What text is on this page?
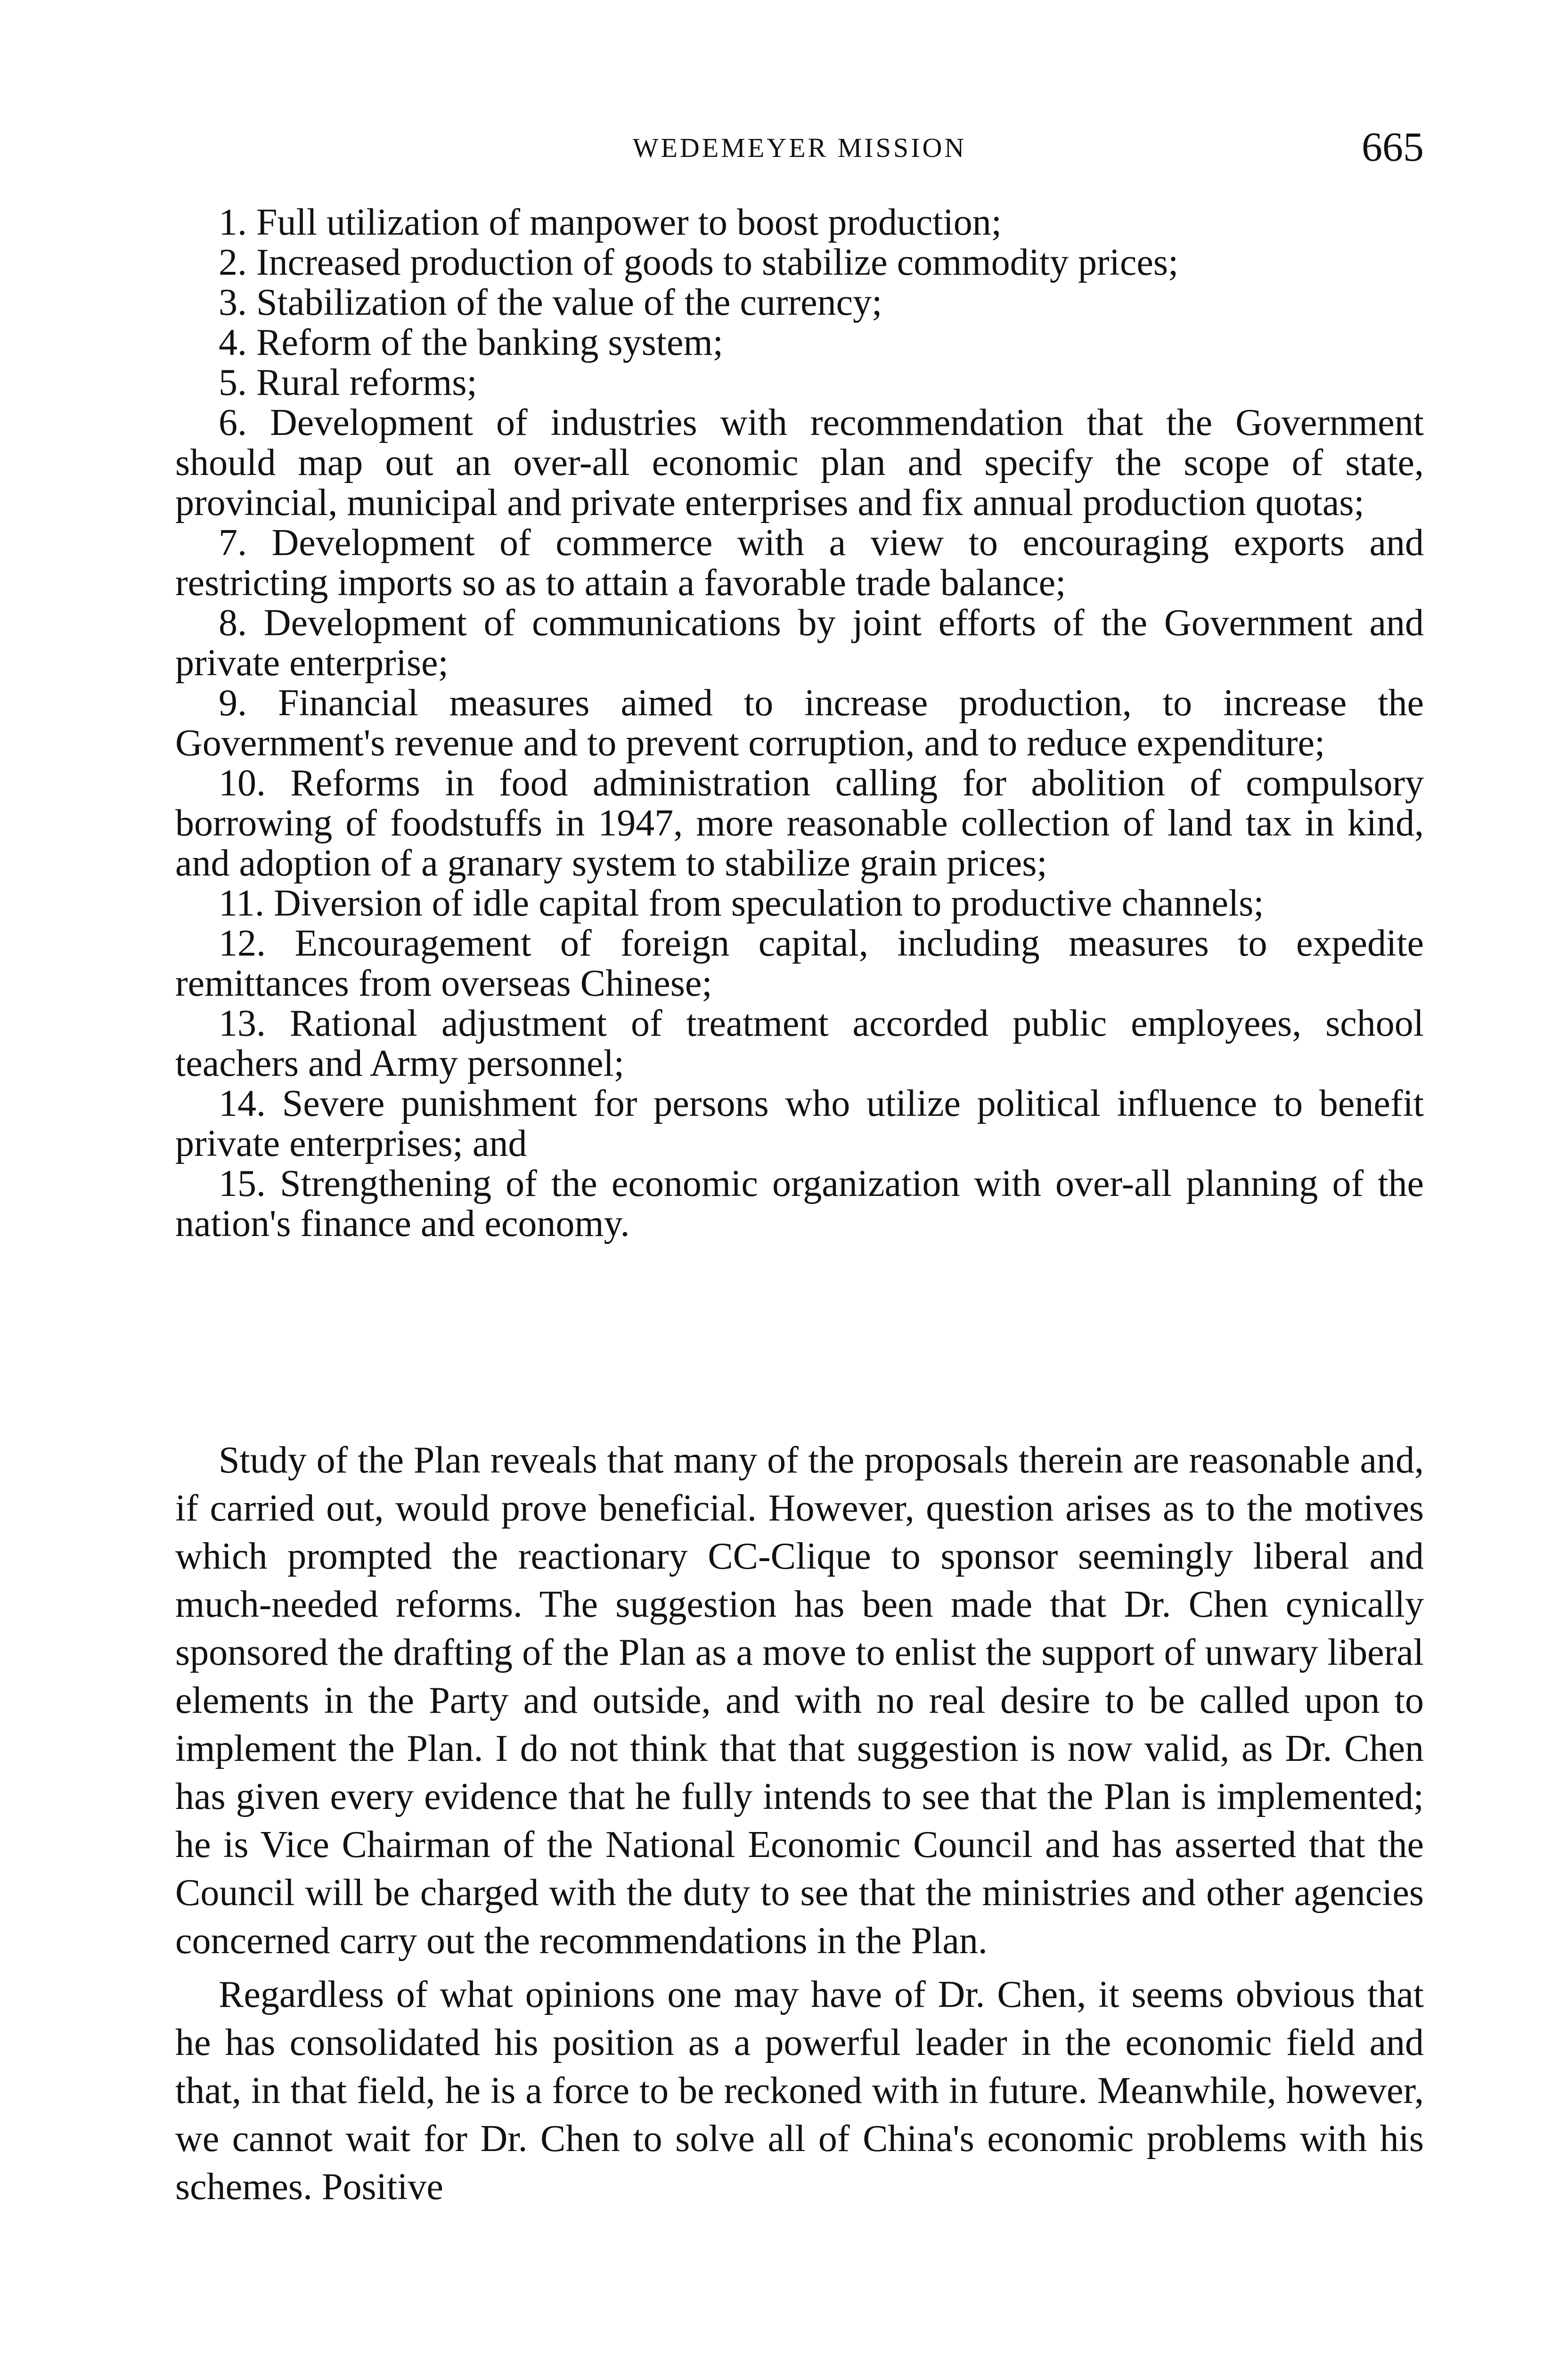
WEDEMEYER MISSION	665
1. Full utilization of manpower to boost production;
2. Increased production of goods to stabilize commodity prices;
3. Stabilization of the value of the currency;
4. Reform of the banking system;
5. Rural reforms;
6. Development of industries with recommendation that the Government should map out an over-all economic plan and specify the scope of state, provincial, municipal and private enterprises and fix annual production quotas;
7. Development of commerce with a view to encouraging exports and restricting imports so as to attain a favorable trade balance;
8. Development of communications by joint efforts of the Government and private enterprise;
9. Financial measures aimed to increase production, to increase the Government's revenue and to prevent corruption, and to reduce expenditure;
10. Reforms in food administration calling for abolition of compulsory borrowing of foodstuffs in 1947, more reasonable collection of land tax in kind, and adoption of a granary system to stabilize grain prices;
11. Diversion of idle capital from speculation to productive channels;
12. Encouragement of foreign capital, including measures to expedite remittances from overseas Chinese;
13. Rational adjustment of treatment accorded public employees, school teachers and Army personnel;
14. Severe punishment for persons who utilize political influence to benefit private enterprises; and
15. Strengthening of the economic organization with over-all planning of the nation's finance and economy.

Study of the Plan reveals that many of the proposals therein are reasonable and, if carried out, would prove beneficial. However, question arises as to the motives which prompted the reactionary CC-Clique to sponsor seemingly liberal and much-needed reforms. The suggestion has been made that Dr. Chen cynically sponsored the drafting of the Plan as a move to enlist the support of unwary liberal elements in the Party and outside, and with no real desire to be called upon to implement the Plan. I do not think that that suggestion is now valid, as Dr. Chen has given every evidence that he fully intends to see that the Plan is implemented; he is Vice Chairman of the National Economic Council and has asserted that the Council will be charged with the duty to see that the ministries and other agencies concerned carry out the recommendations in the Plan.

Regardless of what opinions one may have of Dr. Chen, it seems obvious that he has consolidated his position as a powerful leader in the economic field and that, in that field, he is a force to be reckoned with in future. Meanwhile, however, we cannot wait for Dr. Chen to solve all of China's economic problems with his schemes. Positive
